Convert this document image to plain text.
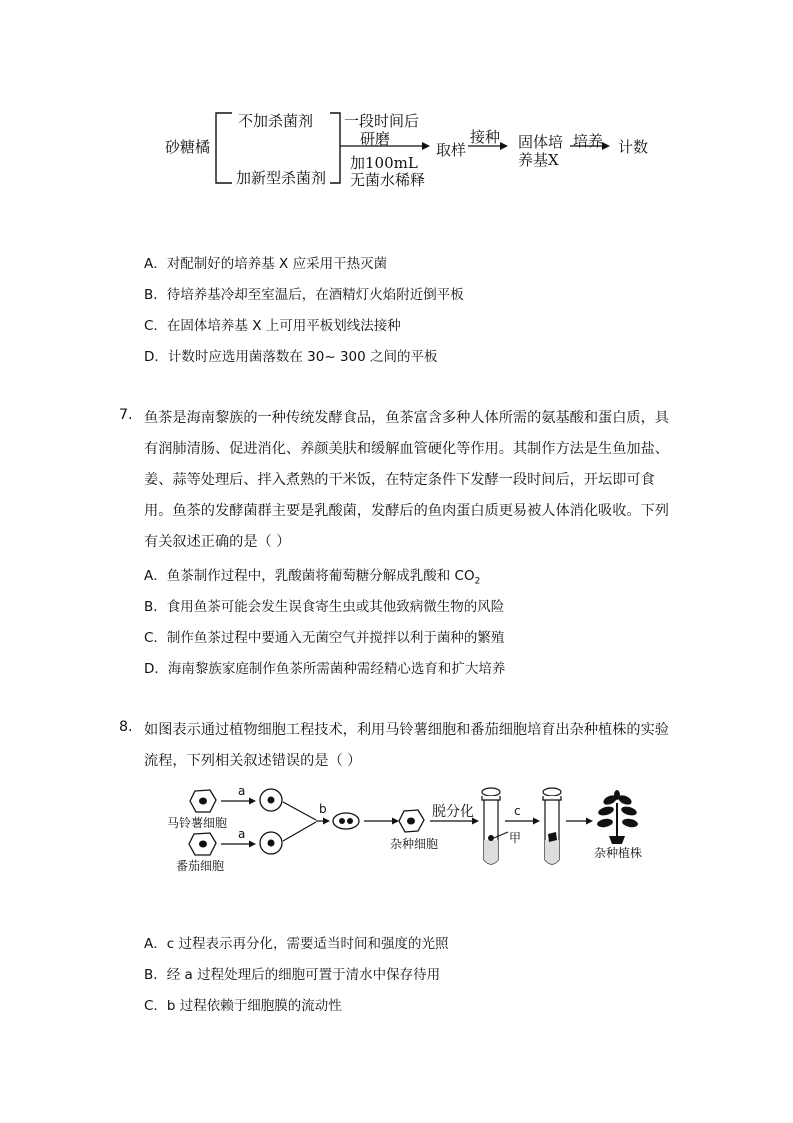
砂糖橘
不加杀菌剂
加新型杀菌剂
一段时间后
研磨
加100mL
无菌水稀释
取样
接种 固体培
养基X
培养 计数
A．对配制好的培养基 X 应采用干热灭菌
B．待培养基冷却至室温后，在酒精灯火焰附近倒平板
C．在固体培养基 X 上可用平板划线法接种
D．计数时应选用菌落数在 30~ 300 之间的平板
7. 鱼茶是海南黎族的一种传统发酵食品，鱼茶富含多种人体所需的氨基酸和蛋白质，具
有润肺清肠、促进消化、养颜美肤和缓解血管硬化等作用。其制作方法是生鱼加盐、
姜、蒜等处理后、拌入煮熟的干米饭，在特定条件下发酵一段时间后，开坛即可食
用。鱼茶的发酵菌群主要是乳酸菌，发酵后的鱼肉蛋白质更易被人体消化吸收。下列
有关叙述正确的是（ ）
A．鱼茶制作过程中，乳酸菌将葡萄糖分解成乳酸和 $CO_2$
B．食用鱼茶可能会发生误食寄生虫或其他致病微生物的风险
C．制作鱼茶过程中要通入无菌空气并搅拌以利于菌种的繁殖
D．海南黎族家庭制作鱼茶所需菌种需经精心选育和扩大培养
8. 如图表示通过植物细胞工程技术，利用马铃薯细胞和番茄细胞培育出杂种植株的实验
流程，下列相关叙述错误的是（ ）
马铃薯细胞
番茄细胞
a
a
b
杂种细胞
脱分化	c
甲
杂种植株
A．c 过程表示再分化，需要适当时间和强度的光照
B．经 a 过程处理后的细胞可置于清水中保存待用
C．b 过程依赖于细胞膜的流动性
